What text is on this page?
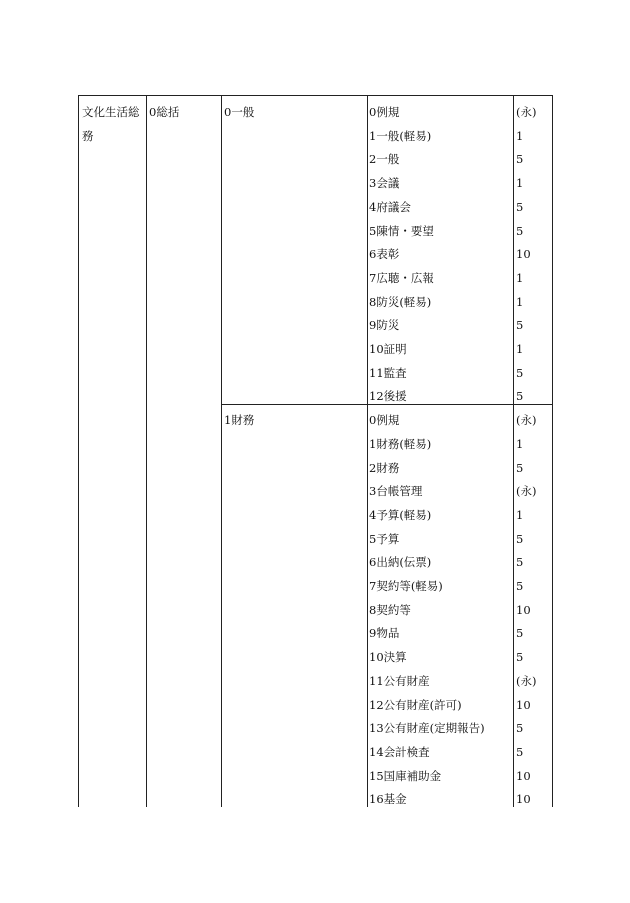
文化生活総務
0総括	0一般	0例規	(永)
1一般(軽易)	1
2一般	5
3会議	1
4府議会	5
5陳情・要望	5
6表彰	10
7広聴・広報	1
8防災(軽易)	1
9防災	5
10証明	1
11監査	5
12後援	5
1財務	0例規	(永)
1財務(軽易)	1
2財務	5
3台帳管理	(永)
4予算(軽易)	1
5予算	5
6出納(伝票)	5
7契約等(軽易)	5
8契約等	10
9物品	5
10決算	5
11公有財産	(永)
12公有財産(許可)	10
13公有財産(定期報告)	5
14会計検査	5
15国庫補助金	10
16基金	10
